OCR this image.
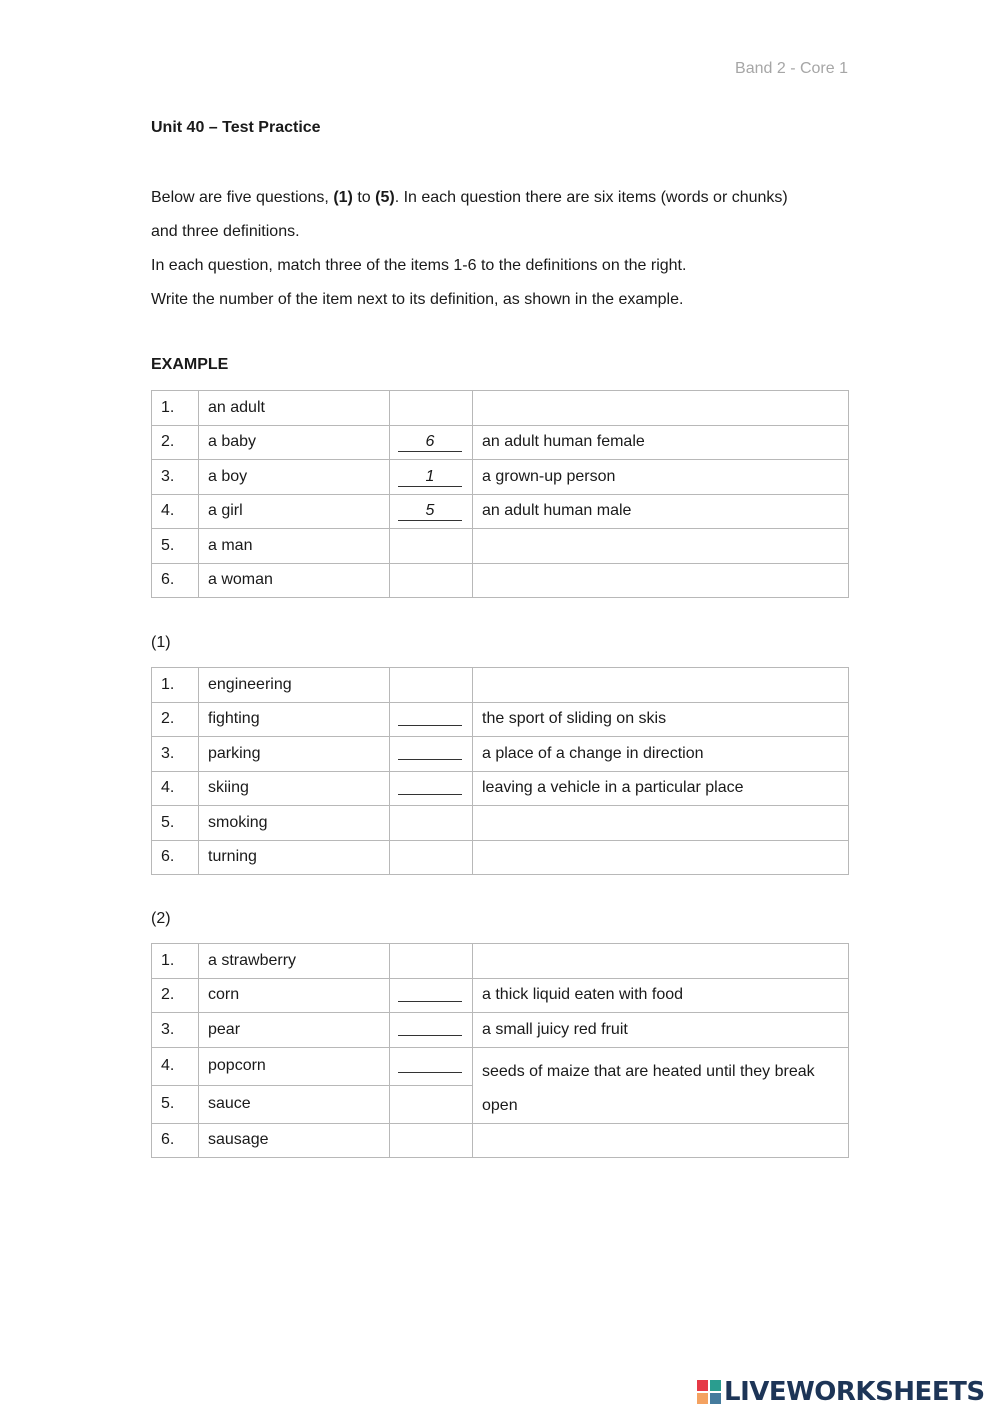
Band 2 - Core 1
Unit 40 – Test Practice
Below are five questions, (1) to (5). In each question there are six items (words or chunks)
and three definitions.
In each question, match three of the items 1-6 to the definitions on the right.
Write the number of the item next to its definition, as shown in the example.
EXAMPLE
1.	an adult		
2.	a baby	6	an adult human female
3.	a boy	1	a grown-up person
4.	a girl	5	an adult human male
5.	a man		
6.	a woman		
(1)
1.	engineering		
2.	fighting		the sport of sliding on skis
3.	parking		a place of a change in direction
4.	skiing		leaving a vehicle in a particular place
5.	smoking		
6.	turning		
(2)
1.	a strawberry		
2.	corn		a thick liquid eaten with food
3.	pear		a small juicy red fruit
4.	popcorn		seeds of maize that are heated until they break open
5.	sauce		
6.	sausage		
LIVEWORKSHEETS
